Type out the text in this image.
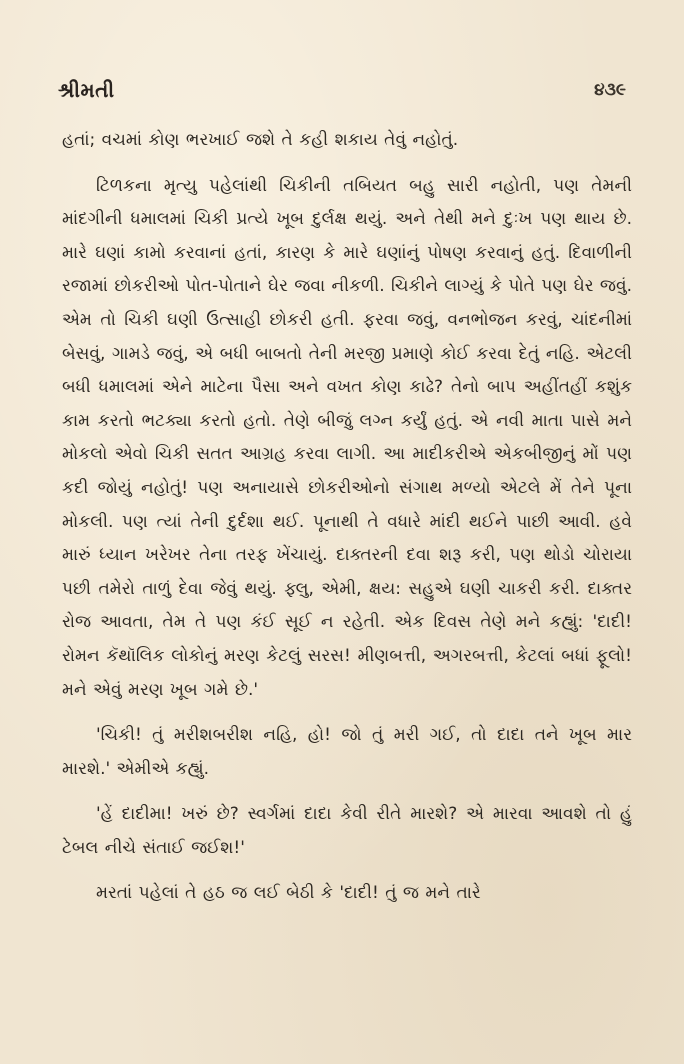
શ્રીમતી	૪૩૯

હતાં; વચમાં કોણ ભરખાઈ જશે તે કહી શકાય તેવું નહોતું.

ટિળકના મૃત્યુ પહેલાંથી ચિકીની તબિયત બહુ સારી નહોતી, પણ તેમની માંદગીની ધમાલમાં ચિકી પ્રત્યે ખૂબ દુર્લક્ષ થયું. અને તેથી મને દુઃખ પણ થાય છે. મારે ઘણાં કામો કરવાનાં હતાં, કારણ કે મારે ઘણાંનું પોષણ કરવાનું હતું. દિવાળીની રજામાં છોકરીઓ પોત-પોતાને ઘેર જવા નીકળી. ચિકીને લાગ્યું કે પોતે પણ ઘેર જવું. એમ તો ચિકી ઘણી ઉત્સાહી છોકરી હતી. ફરવા જવું, વનભોજન કરવું, ચાંદનીમાં બેસવું, ગામડે જવું, એ બધી બાબતો તેની મરજી પ્રમાણે કોઈ કરવા દેતું નહિ. એટલી બધી ધમાલમાં એને માટેના પૈસા અને વખત કોણ કાઢે? તેનો બાપ અહીંતહીં કશુંક કામ કરતો ભટક્યા કરતો હતો. તેણે બીજું લગ્ન કર્યું હતું. એ નવી માતા પાસે મને મોકલો એવો ચિકી સતત આગ્રહ કરવા લાગી. આ માદીકરીએ એકબીજીનું મોં પણ કદી જોયું નહોતું! પણ અનાયાસે છોકરીઓનો સંગાથ મળ્યો એટલે મેં તેને પૂના મોકલી. પણ ત્યાં તેની દુર્દશા થઈ. પૂનાથી તે વધારે માંદી થઈને પાછી આવી. હવે મારું ધ્યાન ખરેખર તેના તરફ ખેંચાયું. દાક્તરની દવા શરૂ કરી, પણ થોડો ચોરાયા પછી તમેરો તાળું દેવા જેવું થયું. ફ્લુ, એમી, ક્ષય: સહુએ ઘણી ચાકરી કરી. દાક્તર રોજ આવતા, તેમ તે પણ કંઈ સૂઈ ન રહેતી. એક દિવસ તેણે મને કહ્યું: 'દાદી! રોમન કૅથૉલિક લોકોનું મરણ કેટલું સરસ! મીણબત્તી, અગરબત્તી, કેટલાં બધાં ફૂલો! મને એવું મરણ ખૂબ ગમે છે.'

'ચિકી! તું મરીશબરીશ નહિ, હો! જો તું મરી ગઈ, તો દાદા તને ખૂબ માર મારશે.' એમીએ કહ્યું.

'હેં દાદીમા! ખરું છે? સ્વર્ગમાં દાદા કેવી રીતે મારશે? એ મારવા આવશે તો હું ટેબલ નીચે સંતાઈ જઈશ!'

મરતાં પહેલાં તે હઠ જ લઈ બેઠી કે 'દાદી! તું જ મને તારે
